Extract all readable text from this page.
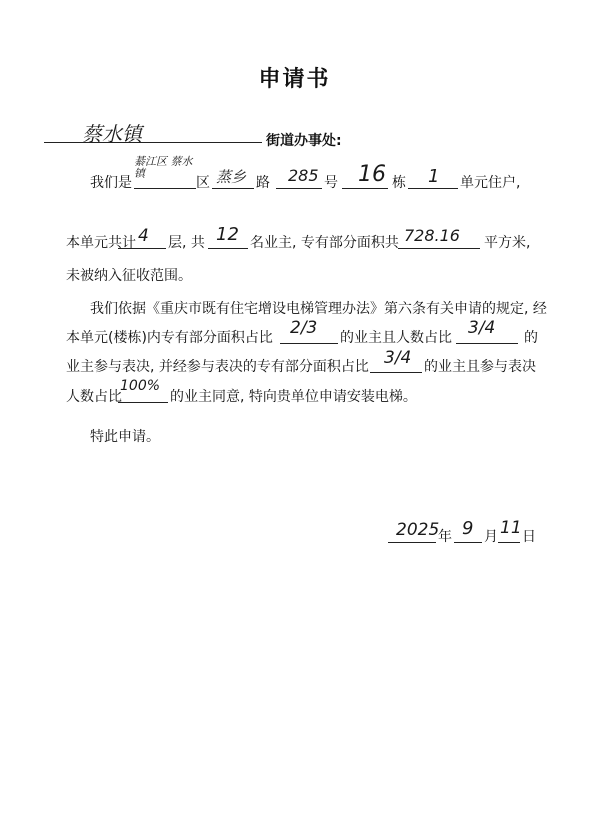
申请书
蔡水镇	街道办事处:
我们是
綦江区 蔡水镇
区 蒸乡 路 285 号 16 栋 1 单元住户,
本单元共计 4 层, 共 12 名业主, 专有部分面积共 728.16 平方米,
未被纳入征收范围。
我们依据《重庆市既有住宅增设电梯管理办法》第六条有关申请的规定, 经
本单元(楼栋)内专有部分面积占比 2/3 的业主且人数占比 3/4 的
业主参与表决, 并经参与表决的专有部分面积占比 3/4 的业主且参与表决
人数占比
100%
的业主同意, 特向贵单位申请安装电梯。
特此申请。
2025
年 9 月 11 日
